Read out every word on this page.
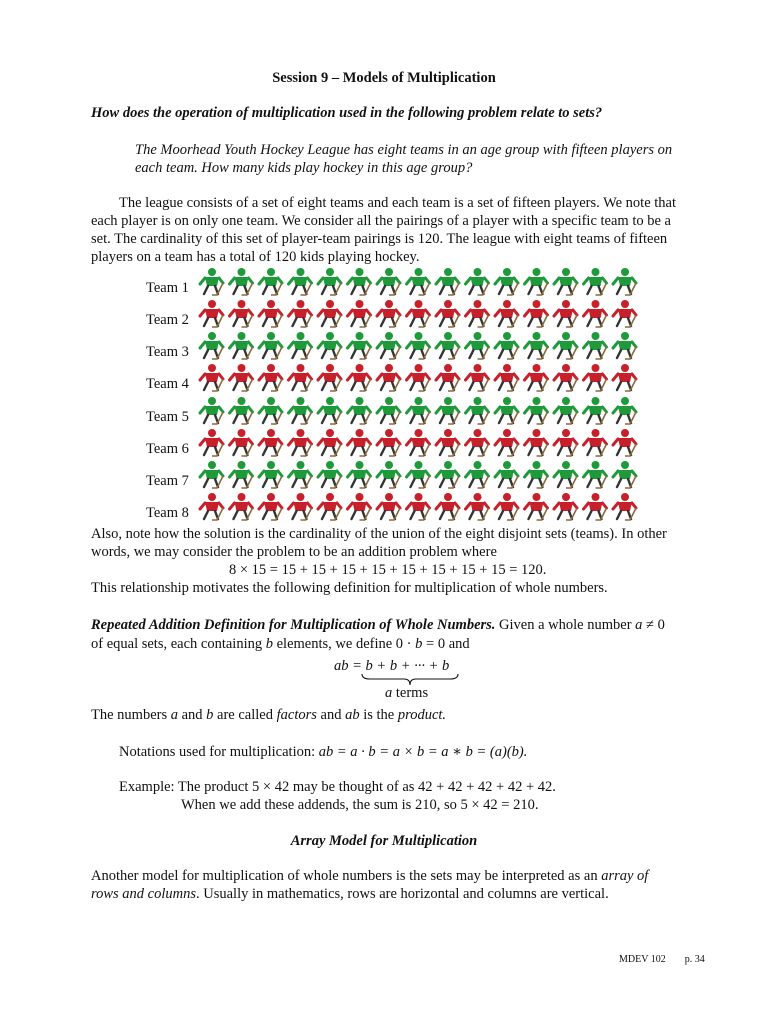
Session 9 – Models of Multiplication
How does the operation of multiplication used in the following problem relate to sets?
The Moorhead Youth Hockey League has eight teams in an age group with fifteen players on
each team. How many kids play hockey in this age group?
The league consists of a set of eight teams and each team is a set of fifteen players. We note that
each player is on only one team. We consider all the pairings of a player with a specific team to be a
set. The cardinality of this set of player-team pairings is 120. The league with eight teams of fifteen
players on a team has a total of 120 kids playing hockey.
Team 1
Team 2
Team 3
Team 4
Team 5
Team 6
Team 7
Team 8
Also, note how the solution is the cardinality of the union of the eight disjoint sets (teams). In other
words, we may consider the problem to be an addition problem where
8 × 15 = 15 + 15 + 15 + 15 + 15 + 15 + 15 + 15 = 120.
This relationship motivates the following definition for multiplication of whole numbers.
Repeated Addition Definition for Multiplication of Whole Numbers. Given a whole number a ≠ 0
of equal sets, each containing b elements, we define 0 · b = 0 and
ab = b + b + ··· + b
a terms
The numbers a and b are called factors and ab is the product.
Notations used for multiplication: ab = a · b = a × b = a ∗ b = (a)(b).
Example: The product 5 × 42 may be thought of as 42 + 42 + 42 + 42 + 42.
When we add these addends, the sum is 210, so 5 × 42 = 210.
Array Model for Multiplication
Another model for multiplication of whole numbers is the sets may be interpreted as an array of
rows and columns. Usually in mathematics, rows are horizontal and columns are vertical.
MDEV 102 p. 34
